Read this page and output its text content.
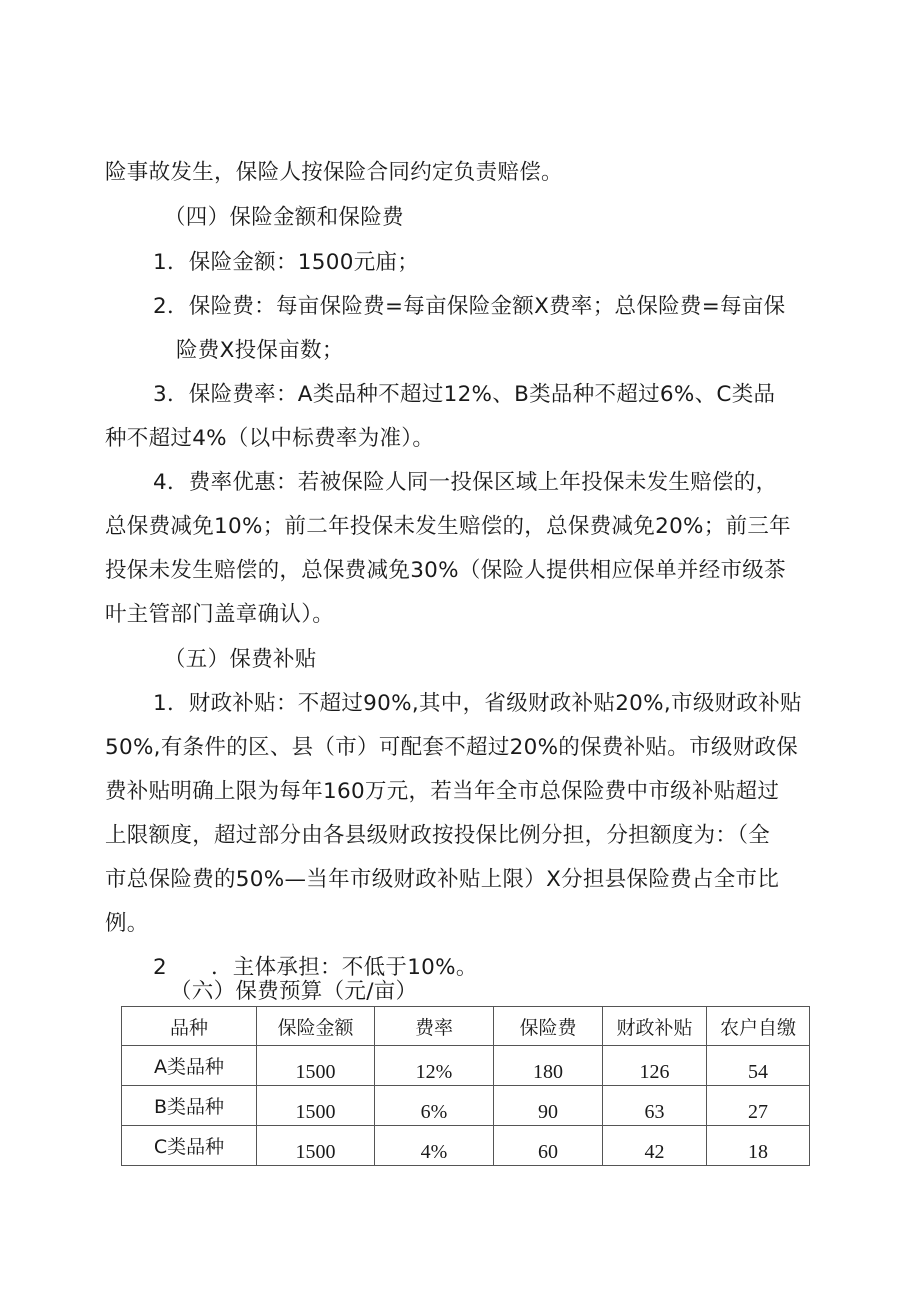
险事故发生，保险人按保险合同约定负责赔偿。
（四）保险金额和保险费
1．保险金额：1500元庙；
2．保险费：每亩保险费=每亩保险金额X费率；总保险费=每亩保
险费X投保亩数；
3．保险费率：A类品种不超过12%、B类品种不超过6%、C类品
种不超过4%（以中标费率为准）。
4．费率优惠：若被保险人同一投保区域上年投保未发生赔偿的，
总保费减免10%；前二年投保未发生赔偿的，总保费减免20%；前三年
投保未发生赔偿的，总保费减免30%（保险人提供相应保单并经市级茶
叶主管部门盖章确认）。
（五）保费补贴
1．财政补贴：不超过90%,其中，省级财政补贴20%,市级财政补贴
50%,有条件的区、县（市）可配套不超过20%的保费补贴。市级财政保
费补贴明确上限为每年160万元，若当年全市总保险费中市级补贴超过
上限额度，超过部分由各县级财政按投保比例分担，分担额度为：（全
市总保险费的50%—当年市级财政补贴上限）X分担县保险费占全市比
例。
2 ．主体承担：不低于10%。
（六）保费预算（元/亩）
品种	保险金额	费率	保险费	财政补贴	农户自缴
A类品种	1500	12%	180	126	54
B类品种	1500	6%	90	63	27
C类品种	1500	4%	60	42	18
